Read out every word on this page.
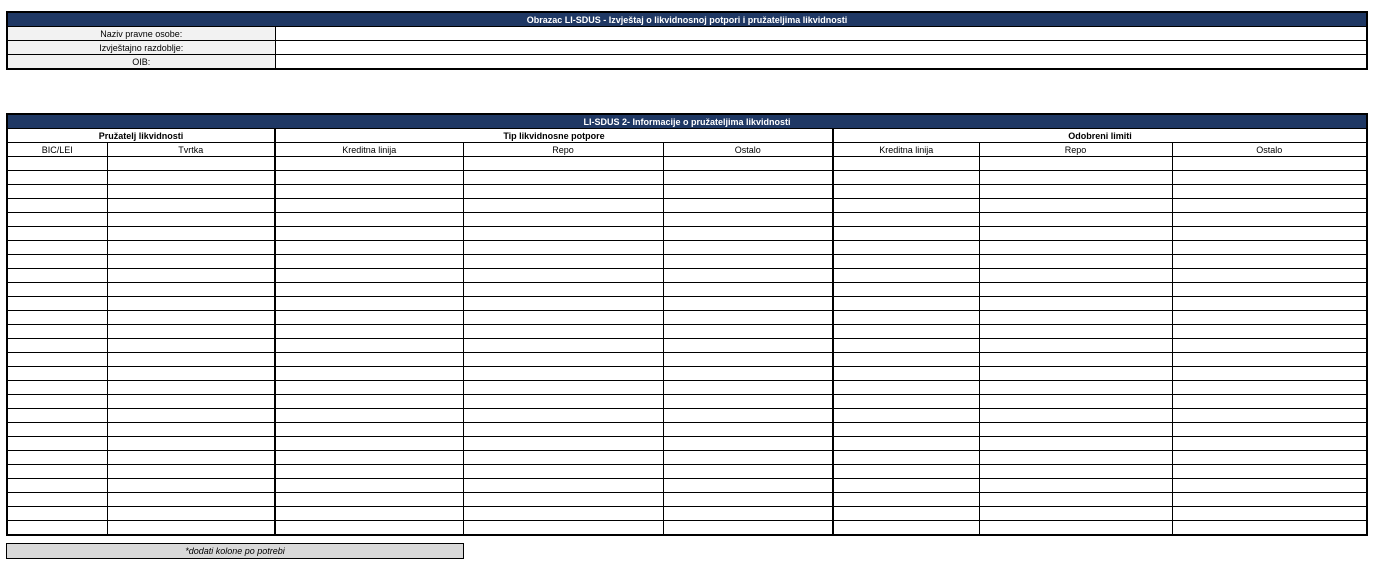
Obrazac LI-SDUS - Izvještaj o likvidnosnoj potpori i pružateljima likvidnosti	
Naziv pravne osobe:	
Izvještajno razdoblje:	
OIB:	
LI-SDUS 2- Informacije o pružateljima likvidnosti							
Pružatelj likvidnosti		Tip likvidnosne potpore			Odobreni limiti		
BIC/LEI	Tvrtka	Kreditna linija	Repo	Ostalo	Kreditna linija	Repo	Ostalo

*dodati kolone po potrebi
